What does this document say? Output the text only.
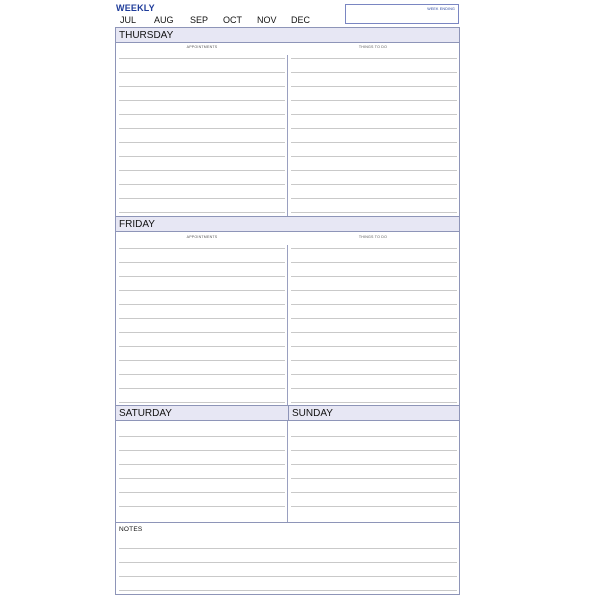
WEEKLY
JUL AUG SEP OCT NOV DEC
WEEK ENDING
THURSDAY
APPOINTMENTS	THINGS TO DO
FRIDAY
APPOINTMENTS	THINGS TO DO
SATURDAY	SUNDAY
NOTES
